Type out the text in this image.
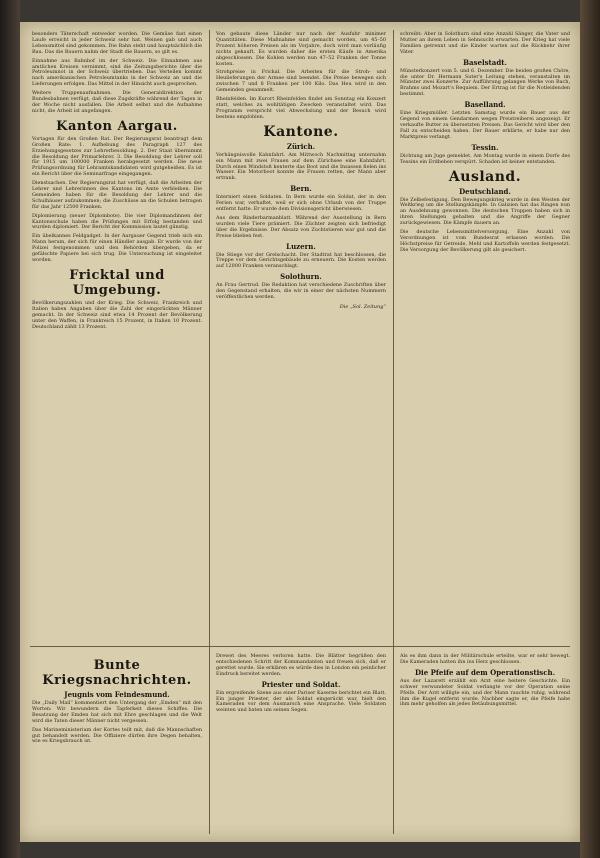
besonders Täterschaft entweder worden. Die Gemüse fast einen Laufe erreicht in jeder Schweiz sehr hat. Weinen gab und auch Lebensmittel sind gekommen. Die Bahn steht und hauptsächlich die Bau. Das die Bauern nahm der Stadt die Bauern, so gilt es.

Einnahme aus Bahnhof im der Schweiz. Die Einnahmen aus amtlichen Kreisen vernimmt, sind die Zeitungsberichte über die Petroleumnot in der Schweiz übertrieben. Das Verteilen kommt nach amerikanischen Petroleumtanks in der Schweiz an und die Lieferungen erfolgen. Das Mittel in der Hinsicht auch gesprochen.

Weitere Truppenaufnahmen. Die Generaldirektion der Bundesbahnen verfügt, daß diese Zugskräfte während der Tagen in der Woche nicht ausfallen. Die Arbeit selbst und die Aufnahme nicht, die Arbeit ist angefangen.

Kanton Aargau.

Vortagen für den Großen Rat. Der Regierungsrat beantragt dem Großen Rate: 1. Aufhebung des Paragraph 127 des Erziehungsgesetzes zur Lehrerbesoldung. 2. Der Staat übernimmt die Besoldung der Primarlehrer. 3. Die Besoldung der Lehrer soll für 1915 um 100000 Franken herabgesetzt werden. Die neue Prüfungsordnung für Lehramtskandidaten wird gutgeheißen. Es ist ein Bericht über die Seminarfrage eingegangen.

Dienstsachen. Der Regierungsrat hat verfügt, daß die Arbeiten der Lehrer und Lehrerinnen des Kantons im Amte verbleiben. Die Gemeinden haben für die Besoldung der Lehrer und die Schulhäuser aufzukommen; die Zuschüsse an die Schulen betragen für das Jahr 12500 Franken.

Diplomierung (neuer Diplombote). Die vier Diplomandinnen der Kantonsschule haben die Prüfungen mit Erfolg bestanden und wurden diplomiert. Der Bericht der Kommission lautet günstig.

Ein übelkannes Feldgadget. In der Aargauer Gegend trieb sich ein Mann herum, der sich für einen Händler ausgab. Er wurde von der Polizei festgenommen und den Behörden übergeben, da er gefälschte Papiere bei sich trug. Die Untersuchung ist eingeleitet worden.

Fricktal und Umgebung.

Bevölkerungszahlen und der Krieg. Die Schweiz, Frankreich und Italien haben Angaben über die Zahl der eingerückten Männer gemacht. In der Schweiz sind etwa 14 Prozent der Bevölkerung unter den Waffen, in Frankreich 15 Prozent, in Italien 10 Prozent. Deutschland zählt 13 Prozent.

Von gebaute diese Länder nur nach der Ausfuhr minimer Quantitäten. Diese Maßnahme sind gemacht worden, um 45–50 Prozent höheren Preisen als im Vorjahre, doch wird man vorläufig nichts gekauft. Es wurden daher die ersten Käufe in Amerika abgeschlossen. Die Kohlen werden nun 47–52 Franken der Tonne kosten.

Strohpreise in Frickal. Die Arbeiten für die Stroh- und Heulieferungen der Armee sind beendet. Die Preise bewegen sich zwischen 7 und 8 Franken per 100 Kilo. Das Heu wird in den Gemeinden gesammelt.

Rheinfelden. Im Kurort Rheinfelden findet am Sonntag ein Konzert statt, welches zu wohltätigen Zwecken veranstaltet wird. Das Programm verspricht viel Abwechslung und der Besuch wird bestens empfohlen.

Kantone.
Zürich.

Verhängnisvolle Kahnfahrt. Am Mittwoch Nachmittag unternahm ein Mann mit zwei Frauen auf dem Zürichsee eine Kahnfahrt. Durch einen Windstoß kenterte das Boot und die Insassen fielen ins Wasser. Ein Motorboot konnte die Frauen retten, der Mann aber ertrank.

Bern.

Interniert einen Soldaten. In Bern wurde ein Soldat, der in den Ferien war, verhaftet, weil er sich ohne Urlaub von der Truppe entfernt hatte. Er wurde dem Divisionsgericht überwiesen.

Aus dem Rinderbarmanblatt. Während der Ausstellung in Bern wurden viele Tiere prämiert. Die Züchter zeigten sich befriedigt über die Ergebnisse. Der Absatz von Zuchtstieren war gut und die Preise blieben fest.

Luzern.

Die Stiege vor der Grelschacht. Der Stadtrat hat beschlossen, die Treppe vor dem Gerichtsgebäude zu erneuern. Die Kosten werden auf 12000 Franken veranschlagt.

Solothurn.

An Frau Gertrud. Die Redaktion hat verschiedene Zuschriften über den Gegenstand erhalten, die wir in einer der nächsten Nummern veröffentlichen werden.

Die „Sol. Zeitung“

schreibt: Aber in Solothurn sind eine Anzahl Sänger, die Vater und Mutter an ihrem Leben in Sehnsucht erwarten. Der Krieg hat viele Familien getrennt und die Kinder warten auf die Rückkehr ihrer Väter.

Baselstadt.

Münsterkonzert vom 5. und 6. Dezember. Die beiden großen Chöre, die unter Dr. Hermann Suter's Leitung stehen, veranstalten im Münster zwei Konzerte. Zur Aufführung gelangen Werke von Bach, Brahms und Mozart's Requiem. Der Ertrag ist für die Notleidenden bestimmt.

Baselland.

Eine Kriegsmüller. Letzten Samstag wurde ein Bauer aus der Gegend von einem Gendarmen wegen Preistreiberei angezeigt. Er verkaufte Butter zu übersetzten Preisen. Das Gericht wird über den Fall zu entscheiden haben. Der Bauer erklärte, er habe nur den Marktpreis verlangt.

Tessin.

Dichtung am Juge gemeldet. Am Montag wurde in einem Dorfe des Tessins ein Erdbeben verspürt. Schaden ist keiner entstanden.

Ausland.
Deutschland.

Die Zelbefestigung. Den Bewegungskrieg wurde in den Westen der Weltkrieg um die Stellungskämpfe. In Galizien hat das Ringen nun an Ausdehnung gewonnen. Die deutschen Truppen haben sich in ihren Stellungen gehalten und die Angriffe der Gegner zurückgewiesen. Die Kämpfe dauern an.

Die deutsche Lebensmittelversorgung. Eine Anzahl von Verordnungen ist vom Bundesrat erlassen worden. Die Höchstpreise für Getreide, Mehl und Kartoffeln werden festgesetzt. Die Versorgung der Bevölkerung gilt als gesichert.

Bunte Kriegsnachrichten.
Jeugnis vom Feindesmund.

Die „Daily Mail“ kommentiert den Untergang der „Emden“ mit den Worten: Wir bewundern die Tapferkeit dieses Schiffes. Die Besatzung der Emden hat sich mit Ehre geschlagen und die Welt wird die Taten dieser Männer nicht vergessen.

Das Marineministerium der Kortes teilt mit, daß die Mannschaften gut behandelt werden. Die Offiziere dürfen ihre Degen behalten, wie es Kriegsbrauch ist.

Drewet des Meeres verloren hatte. Die Blätter begrüßen den entschiedenen Schritt der Kommandanten und freuen sich, daß er gerettet wurde. Sie erklären es würde dies in London ein peinlicher Eindruck bereitet werden.

Priester und Soldat.

Ein ergreifende Szene aus einer Pariser Kaserne berichtet ein Blatt. Ein junger Priester, der als Soldat eingerückt war, hielt den Kameraden vor dem Ausmarsch eine Ansprache. Viele Soldaten weinten und baten um seinen Segen.

Als es ihm dann in der Militärschule erteilte, war er sehr bewegt. Die Kameraden hatten ihn ins Herz geschlossen.

Die Pfeife auf dem Operationstisch.

Aus der Lazarett erzählt ein Arzt eine heitere Geschichte. Ein schwer verwundeter Soldat verlangte vor der Operation seine Pfeife. Der Arzt willigte ein, und der Mann rauchte ruhig, während ihm die Kugel entfernt wurde. Nachher sagte er, die Pfeife habe ihm mehr geholfen als jedes Betäubungsmittel.
